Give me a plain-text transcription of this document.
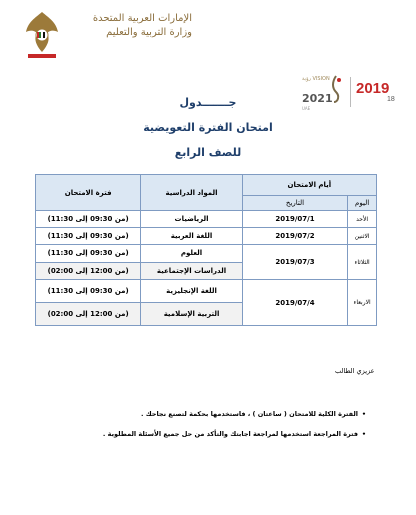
الإمارات العربية المتحدة
وزارة التربية والتعليم
رؤية VISION
2021
UAE
2019
18
جـــــــدول
امتحان الفترة التعويضية
للصف الرابع
أيام الامتحان		المواد الدراسية	فترة الامتحان
اليوم	التاريخ		
الأحد	2019/07/1	الرياضيات	(من 09:30 إلى 11:30)
الاثنين	2019/07/2	اللغة العربية	(من 09:30 إلى 11:30)
الثلاثاء	2019/07/3	العلوم	(من 09:30 إلى 11:30)
		الدراسات الإجتماعية	(من 12:00 إلى 02:00)
الاربعاء	2019/07/4	اللغة الإنجليزية	(من 09:30 إلى 11:30)
		التربية الإسلامية	(من 12:00 إلى 02:00)
عزيزي الطالب
•
الفترة الكلية للامتحان ( ساعتان ) ، فاستخدمها بحكمة لتصنع نجاحك .
•
فترة المراجعة استخدمها لمراجعة اجابتك والتأكد من حل جميع الأسئلة المطلوبة .
